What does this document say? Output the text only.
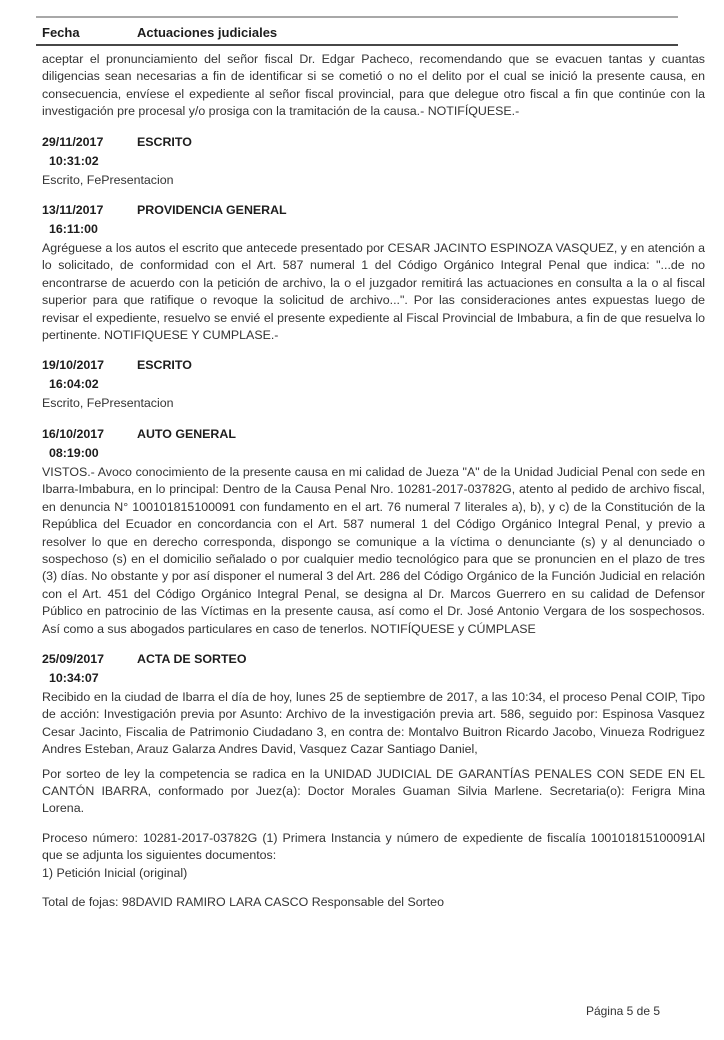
Fecha	Actuaciones judiciales

aceptar el pronunciamiento del señor fiscal Dr. Edgar Pacheco, recomendando que se evacuen tantas y cuantas diligencias sean necesarias a fin de identificar si se cometió o no el delito por el cual se inició la presente causa, en consecuencia, envíese el expediente al señor fiscal provincial, para que delegue otro fiscal a fin que continúe con la investigación pre procesal y/o prosiga con la tramitación de la causa.- NOTIFÍQUESE.-

29/11/2017	ESCRITO
10:31:02

Escrito, FePresentacion

13/11/2017	PROVIDENCIA GENERAL
16:11:00

Agréguese a los autos el escrito que antecede presentado por CESAR JACINTO ESPINOZA VASQUEZ, y en atención a lo solicitado, de conformidad con el Art. 587 numeral 1 del Código Orgánico Integral Penal que indica: "...de no encontrarse de acuerdo con la petición de archivo, la o el juzgador remitirá las actuaciones en consulta a la o al fiscal superior para que ratifique o revoque la solicitud de archivo...". Por las consideraciones antes expuestas luego de revisar el expediente, resuelvo se envié el presente expediente al Fiscal Provincial de Imbabura, a fin de que resuelva lo pertinente. NOTIFIQUESE Y CUMPLASE.-

19/10/2017	ESCRITO
16:04:02

Escrito, FePresentacion

16/10/2017	AUTO GENERAL
08:19:00

VISTOS.- Avoco conocimiento de la presente causa en mi calidad de Jueza "A" de la Unidad Judicial Penal con sede en Ibarra-Imbabura, en lo principal: Dentro de la Causa Penal Nro. 10281-2017-03782G, atento al pedido de archivo fiscal, en denuncia N° 100101815100091 con fundamento en el art. 76 numeral 7 literales a), b), y c) de la Constitución de la República del Ecuador en concordancia con el Art. 587 numeral 1 del Código Orgánico Integral Penal, y previo a resolver lo que en derecho corresponda, dispongo se comunique a la víctima o denunciante (s) y al denunciado o sospechoso (s) en el domicilio señalado o por cualquier medio tecnológico para que se pronuncien en el plazo de tres (3) días. No obstante y por así disponer el numeral 3 del Art. 286 del Código Orgánico de la Función Judicial en relación con el Art. 451 del Código Orgánico Integral Penal, se designa al Dr. Marcos Guerrero en su calidad de Defensor Público en patrocinio de las Víctimas en la presente causa, así como el Dr. José Antonio Vergara de los sospechosos. Así como a sus abogados particulares en caso de tenerlos. NOTIFÍQUESE y CÚMPLASE

25/09/2017	ACTA DE SORTEO
10:34:07

Recibido en la ciudad de Ibarra el día de hoy, lunes 25 de septiembre de 2017, a las 10:34, el proceso Penal COIP, Tipo de acción: Investigación previa por Asunto: Archivo de la investigación previa art. 586, seguido por: Espinosa Vasquez Cesar Jacinto, Fiscalia de Patrimonio Ciudadano 3, en contra de: Montalvo Buitron Ricardo Jacobo, Vinueza Rodriguez Andres Esteban, Arauz Galarza Andres David, Vasquez Cazar Santiago Daniel,

Por sorteo de ley la competencia se radica en la UNIDAD JUDICIAL DE GARANTÍAS PENALES CON SEDE EN EL CANTÓN IBARRA, conformado por Juez(a): Doctor Morales Guaman Silvia Marlene. Secretaria(o): Ferigra Mina Lorena.

Proceso número: 10281-2017-03782G (1) Primera Instancia y número de expediente de fiscalía 100101815100091Al que se adjunta los siguientes documentos:

1) Petición Inicial (original)

Total de fojas: 98DAVID RAMIRO LARA CASCO Responsable del Sorteo

Página 5 de 5
